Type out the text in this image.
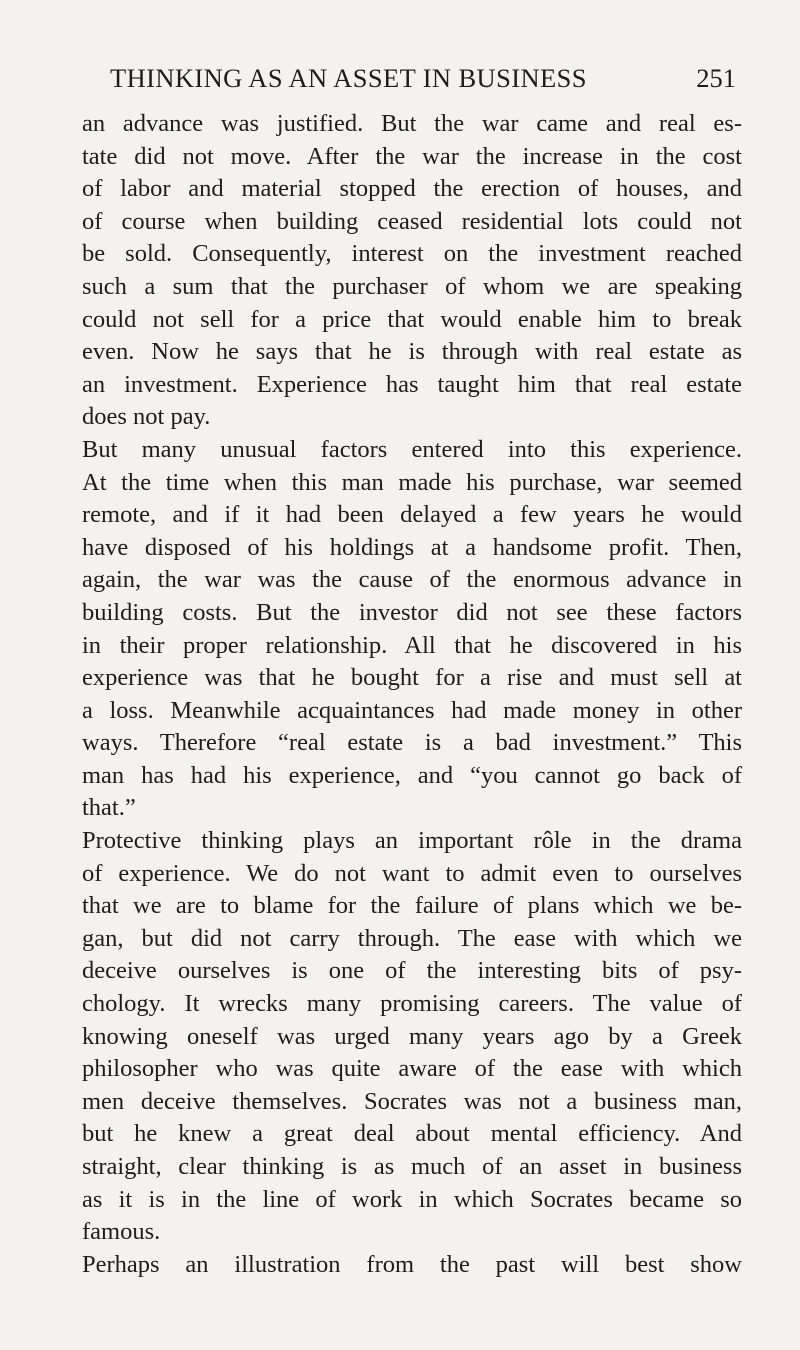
THINKING AS AN ASSET IN BUSINESS	251
an advance was justified. But the war came and real es-
tate did not move. After the war the increase in the cost
of labor and material stopped the erection of houses, and
of course when building ceased residential lots could not
be sold. Consequently, interest on the investment reached
such a sum that the purchaser of whom we are speaking
could not sell for a price that would enable him to break
even. Now he says that he is through with real estate as
an investment. Experience has taught him that real estate
does not pay.
But many unusual factors entered into this experience.
At the time when this man made his purchase, war seemed
remote, and if it had been delayed a few years he would
have disposed of his holdings at a handsome profit. Then,
again, the war was the cause of the enormous advance in
building costs. But the investor did not see these factors
in their proper relationship. All that he discovered in his
experience was that he bought for a rise and must sell at
a loss. Meanwhile acquaintances had made money in other
ways. Therefore “real estate is a bad investment.” This
man has had his experience, and “you cannot go back of
that.”
Protective thinking plays an important rôle in the drama
of experience. We do not want to admit even to ourselves
that we are to blame for the failure of plans which we be-
gan, but did not carry through. The ease with which we
deceive ourselves is one of the interesting bits of psy-
chology. It wrecks many promising careers. The value of
knowing oneself was urged many years ago by a Greek
philosopher who was quite aware of the ease with which
men deceive themselves. Socrates was not a business man,
but he knew a great deal about mental efficiency. And
straight, clear thinking is as much of an asset in business
as it is in the line of work in which Socrates became so
famous.
Perhaps an illustration from the past will best show
